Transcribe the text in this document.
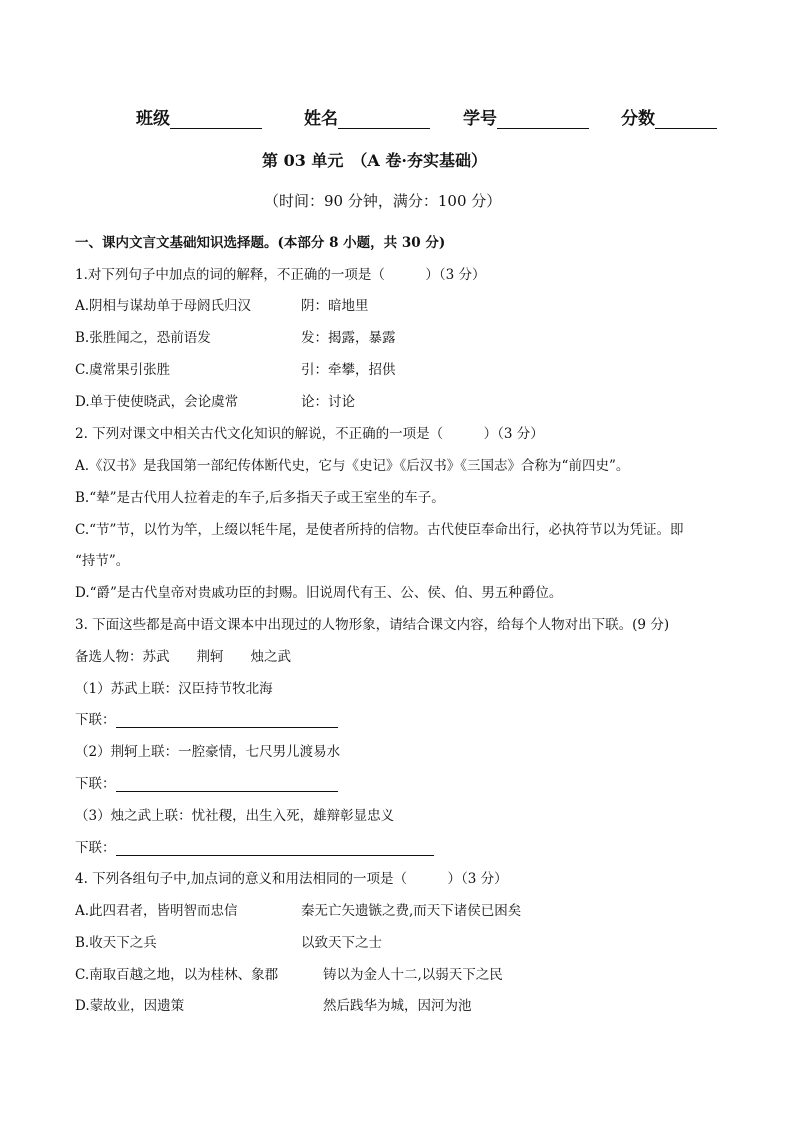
班级	姓名	学号	分数
第 03 单元　（A 卷·夯实基础）
（时间：90 分钟，满分：100 分）
一、课内文言文基础知识选择题。(本部分 8 小题，共 30 分)
1.对下列句子中加点的词的解释，不正确的一项是（　　　）（3 分）
A.阴相与谋劫单于母阏氏归汉	阴：暗地里
B.张胜闻之，恐前语发	发：揭露，暴露
C.虞常果引张胜	引：牵攀，招供
D.单于使使晓武，会论虞常	论：讨论
2. 下列对课文中相关古代文化知识的解说，不正确的一项是（　　　）（3 分）
A.《汉书》是我国第一部纪传体断代史，它与《史记》《后汉书》《三国志》合称为“前四史”。
B.“辇”是古代用人拉着走的车子,后多指天子或王室坐的车子。
C.“节”节，以竹为竿，上缀以牦牛尾，是使者所持的信物。古代使臣奉命出行，必执符节以为凭证。即
“持节”。
D.“爵”是古代皇帝对贵戚功臣的封赐。旧说周代有王、公、侯、伯、男五种爵位。
3. 下面这些都是高中语文课本中出现过的人物形象，请结合课文内容，给每个人物对出下联。(9 分)
备选人物：苏武　　荆轲　　烛之武
（1）苏武上联：汉臣持节牧北海
下联：
（2）荆轲上联：一腔豪情，七尺男儿渡易水
下联：
（3）烛之武上联：忧社稷，出生入死，雄辩彰显忠义
下联：
4. 下列各组句子中,加点词的意义和用法相同的一项是（　　　）（3 分）
A.此四君者，皆明智而忠信	秦无亡矢遗镞之费,而天下诸侯已困矣
B.收天下之兵	以致天下之士
C.南取百越之地，以为桂林、象郡	铸以为金人十二,以弱天下之民
D.蒙故业，因遗策	然后践华为城，因河为池
